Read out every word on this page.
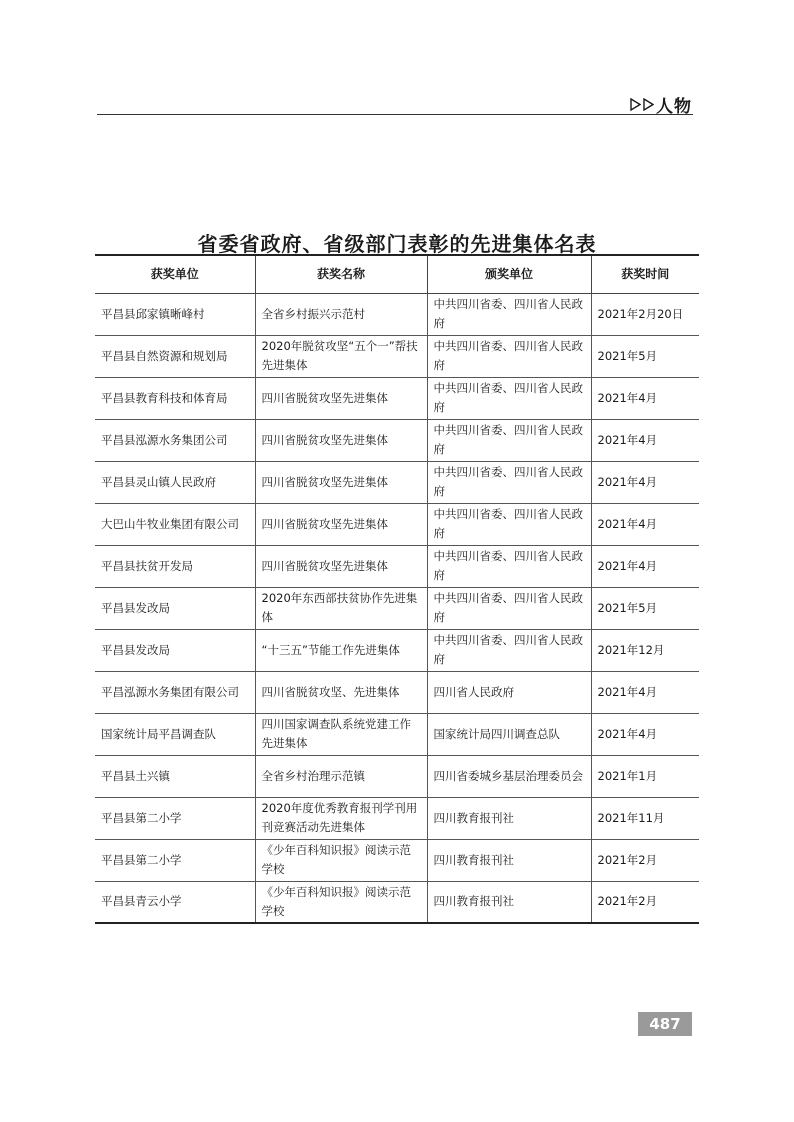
人物
省委省政府、省级部门表彰的先进集体名表
获奖单位	获奖名称	颁奖单位	获奖时间
平昌县邱家镇晰峰村	全省乡村振兴示范村	中共四川省委、四川省人民政府	2021年2月20日
平昌县自然资源和规划局	2020年脱贫攻坚“五个一”帮扶先进集体	中共四川省委、四川省人民政府	2021年5月
平昌县教育科技和体育局	四川省脱贫攻坚先进集体	中共四川省委、四川省人民政府	2021年4月
平昌县泓源水务集团公司	四川省脱贫攻坚先进集体	中共四川省委、四川省人民政府	2021年4月
平昌县灵山镇人民政府	四川省脱贫攻坚先进集体	中共四川省委、四川省人民政府	2021年4月
大巴山牛牧业集团有限公司	四川省脱贫攻坚先进集体	中共四川省委、四川省人民政府	2021年4月
平昌县扶贫开发局	四川省脱贫攻坚先进集体	中共四川省委、四川省人民政府	2021年4月
平昌县发改局	2020年东西部扶贫协作先进集体	中共四川省委、四川省人民政府	2021年5月
平昌县发改局	“十三五”节能工作先进集体	中共四川省委、四川省人民政府	2021年12月
平昌泓源水务集团有限公司	四川省脱贫攻坚、先进集体	四川省人民政府	2021年4月
国家统计局平昌调查队	四川国家调查队系统党建工作先进集体	国家统计局四川调查总队	2021年4月
平昌县土兴镇	全省乡村治理示范镇	四川省委城乡基层治理委员会	2021年1月
平昌县第二小学	2020年度优秀教育报刊学刊用刊竞赛活动先进集体	四川教育报刊社	2021年11月
平昌县第二小学	《少年百科知识报》阅读示范学校	四川教育报刊社	2021年2月
平昌县青云小学	《少年百科知识报》阅读示范学校	四川教育报刊社	2021年2月
487
